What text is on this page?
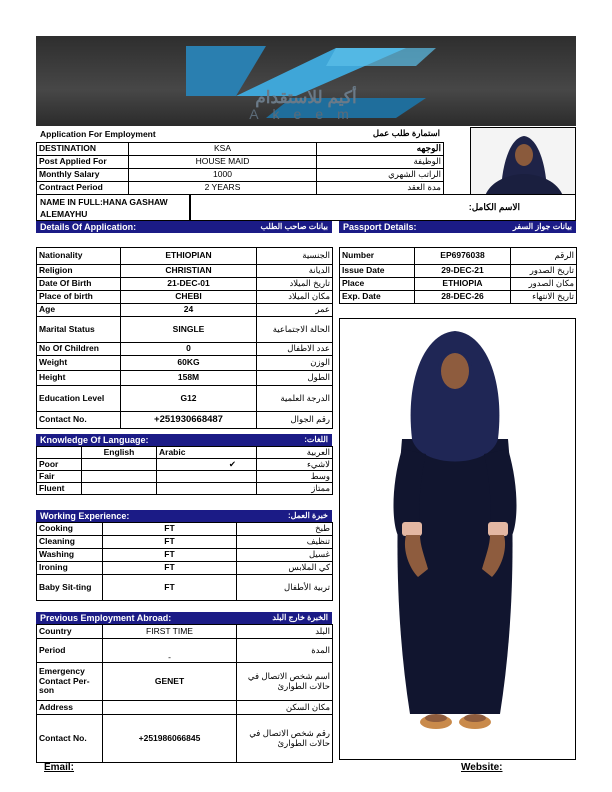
أكيم للاستقدام
Akeem
Application For Employment	استمارة طلب عمل
DESTINATION	KSA	الوجهه
Post Applied For	HOUSE MAID	الوظيفة
Monthly Salary	1000	الراتب الشهري
Contract Period	2 YEARS	مدة العقد
NAME IN FULL:HANA GASHAW ALEMAYHU
الاسم الكامل:
Details Of Application:	بيانات صاحب الطلب	Passport Details:	بيانات جواز السفر
Nationality	ETHIOPIAN	الجنسية
Religion	CHRISTIAN	الديانة
Date Of Birth	21-DEC-01	تاريخ الميلاد
Place of birth	CHEBI	مكان الميلاد
Age	24	عمر
Marital Status	SINGLE	الحالة الاجتماعية
No Of Children	0	عدد الاطفال
Weight	60KG	الوزن
Height	158M	الطول
Education Level	G12	الدرجة العلمية
Contact No.	+251930668487	رقم الجوال
Number	EP6976038	الرقم
Issue Date	29-DEC-21	تاريخ الصدور
Place	ETHIOPIA	مكان الصدور
Exp. Date	28-DEC-26	تاريخ الانتهاء
Knowledge Of Language:	اللغات:
	English	Arabic	العربية
Poor		✔	لاشيء
Fair			وسط
Fluent			ممتاز
Working Experience:	خبرة العمل:
Cooking	FT	طبخ
Cleaning	FT	تنظيف
Washing	FT	غسيل
Ironing	FT	كي الملابس
Baby Sit-ting	FT	تربية الأطفال
Previous Employment Abroad:	الخبرة خارج البلد
Country	FIRST TIME	البلد
Period	-	المدة
Emergency Contact Per-son	GENET	اسم شخص الاتصال في حالات الطوارئ
Address		مكان السكن
Contact No.	+251986066845	رقم شخص الاتصال في حالات الطوارئ
Email:	Website:
